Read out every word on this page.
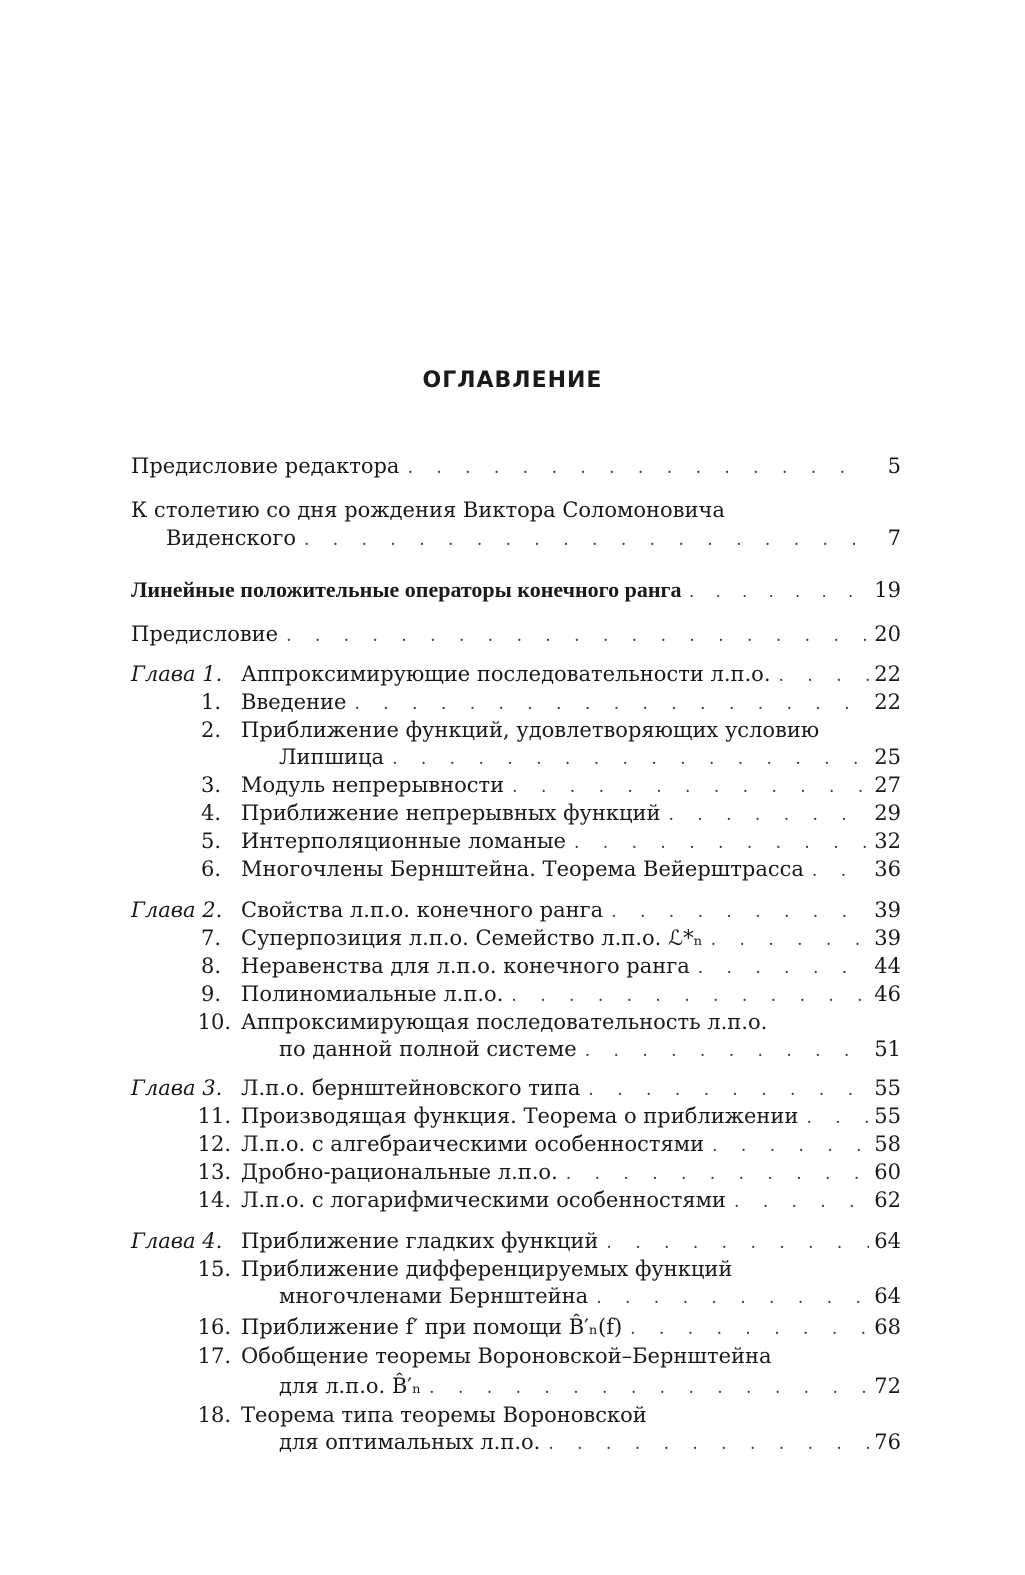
ОГЛАВЛЕНИЕ
Предисловие редактора . . .	5
К столетию со дня рождения Виктора Соломоновича
Виденского . . .	7
Линейные положительные операторы конечного ранга . . .	19
Предисловие . . .	20
Глава 1. Аппроксимирующие последовательности л.п.о. . . .	22
1. Введение . . .	22
2. Приближение функций, удовлетворяющих условию
Липшица . . .	25
3. Модуль непрерывности . . .	27
4. Приближение непрерывных функций . . .	29
5. Интерполяционные ломаные . . .	32
6. Многочлены Бернштейна. Теорема Вейерштрасса . . .	36
Глава 2. Свойства л.п.о. конечного ранга . . .	39
7. Суперпозиция л.п.о. Семейство л.п.о. ℒ*ₙ . . .	39
8. Неравенства для л.п.о. конечного ранга . . .	44
9. Полиномиальные л.п.о. . . .	46
10. Аппроксимирующая последовательность л.п.о.
по данной полной системе . . .	51
Глава 3. Л.п.о. бернштейновского типа . . .	55
11. Производящая функция. Теорема о приближении . . .	55
12. Л.п.о. с алгебраическими особенностями . . .	58
13. Дробно-рациональные л.п.о. . . .	60
14. Л.п.о. с логарифмическими особенностями . . .	62
Глава 4. Приближение гладких функций . . .	64
15. Приближение дифференцируемых функций
многочленами Бернштейна . . .	64
16. Приближение f′ при помощи B̂′ₙ(f) . . .	68
17. Обобщение теоремы Вороновской–Бернштейна
для л.п.о. B̂′ₙ . . .	72
18. Теорема типа теоремы Вороновской
для оптимальных л.п.о. . . .	76
